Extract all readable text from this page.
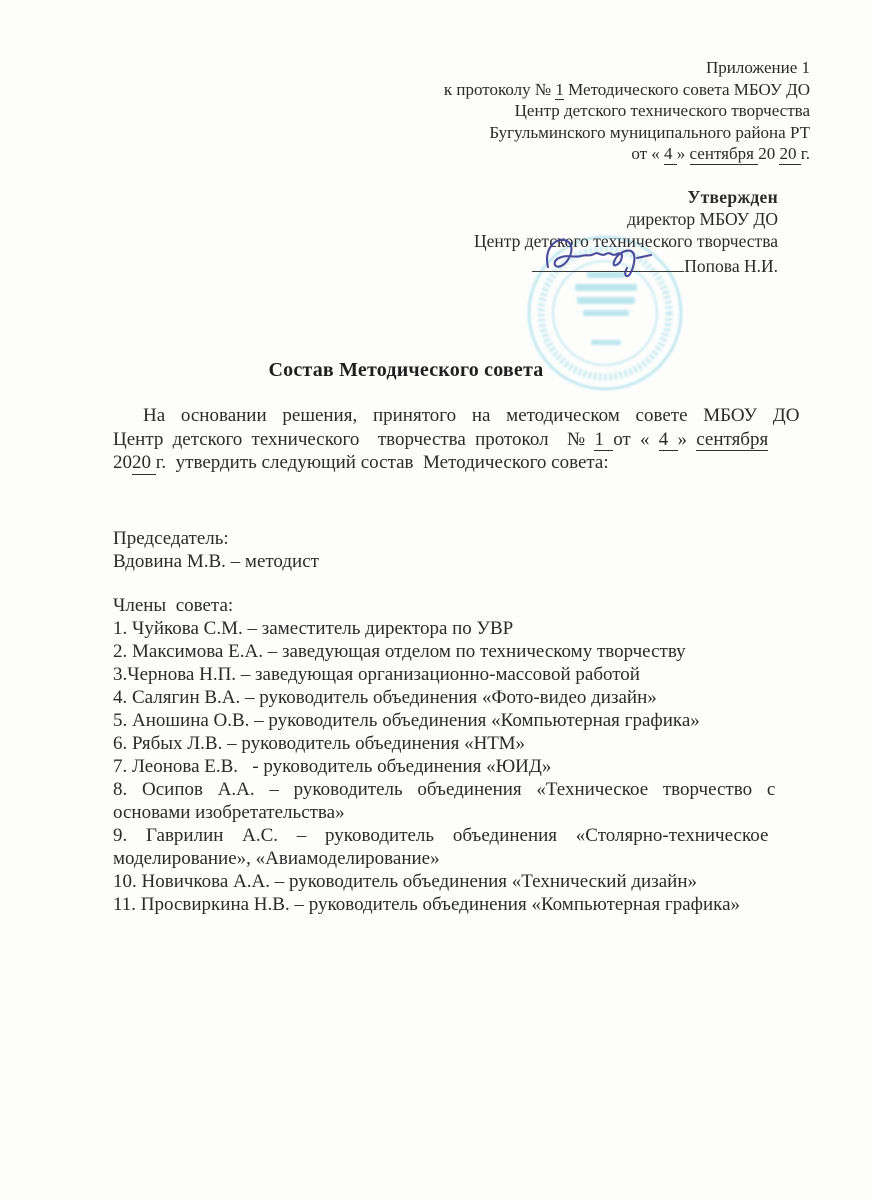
Приложение 1
к протоколу № 1 Методического совета МБОУ ДО
Центр детского технического творчества
Бугульминского муниципального района РТ
от « 4 » сентября 20 20 г.
Утвержден
директор МБОУ ДО
Центр детского технического творчества
Попова Н.И.
Состав Методического совета
На основании решения, принятого на методическом совете МБОУ ДО
Центр детского технического  творчества протокол  № 1 от « 4 » сентября
2020 г.  утвердить следующий состав  Методического совета:
Председатель:
Вдовина М.В. – методист
Члены  совета:
1. Чуйкова С.М. – заместитель директора по УВР
2. Максимова Е.А. – заведующая отделом по техническому творчеству
3.Чернова Н.П. – заведующая организационно-массовой работой
4. Салягин В.А. – руководитель объединения «Фото-видео дизайн»
5. Аношина О.В. – руководитель объединения «Компьютерная графика»
6. Рябых Л.В. – руководитель объединения «НТМ»
7. Леонова Е.В.   - руководитель объединения «ЮИД»
8. Осипов А.А. – руководитель объединения «Техническое творчество с
основами изобретательства»
9. Гаврилин А.С. – руководитель объединения «Столярно-техническое
моделирование», «Авиамоделирование»
10. Новичкова А.А. – руководитель объединения «Технический дизайн»
11. Просвиркина Н.В. – руководитель объединения «Компьютерная графика»
